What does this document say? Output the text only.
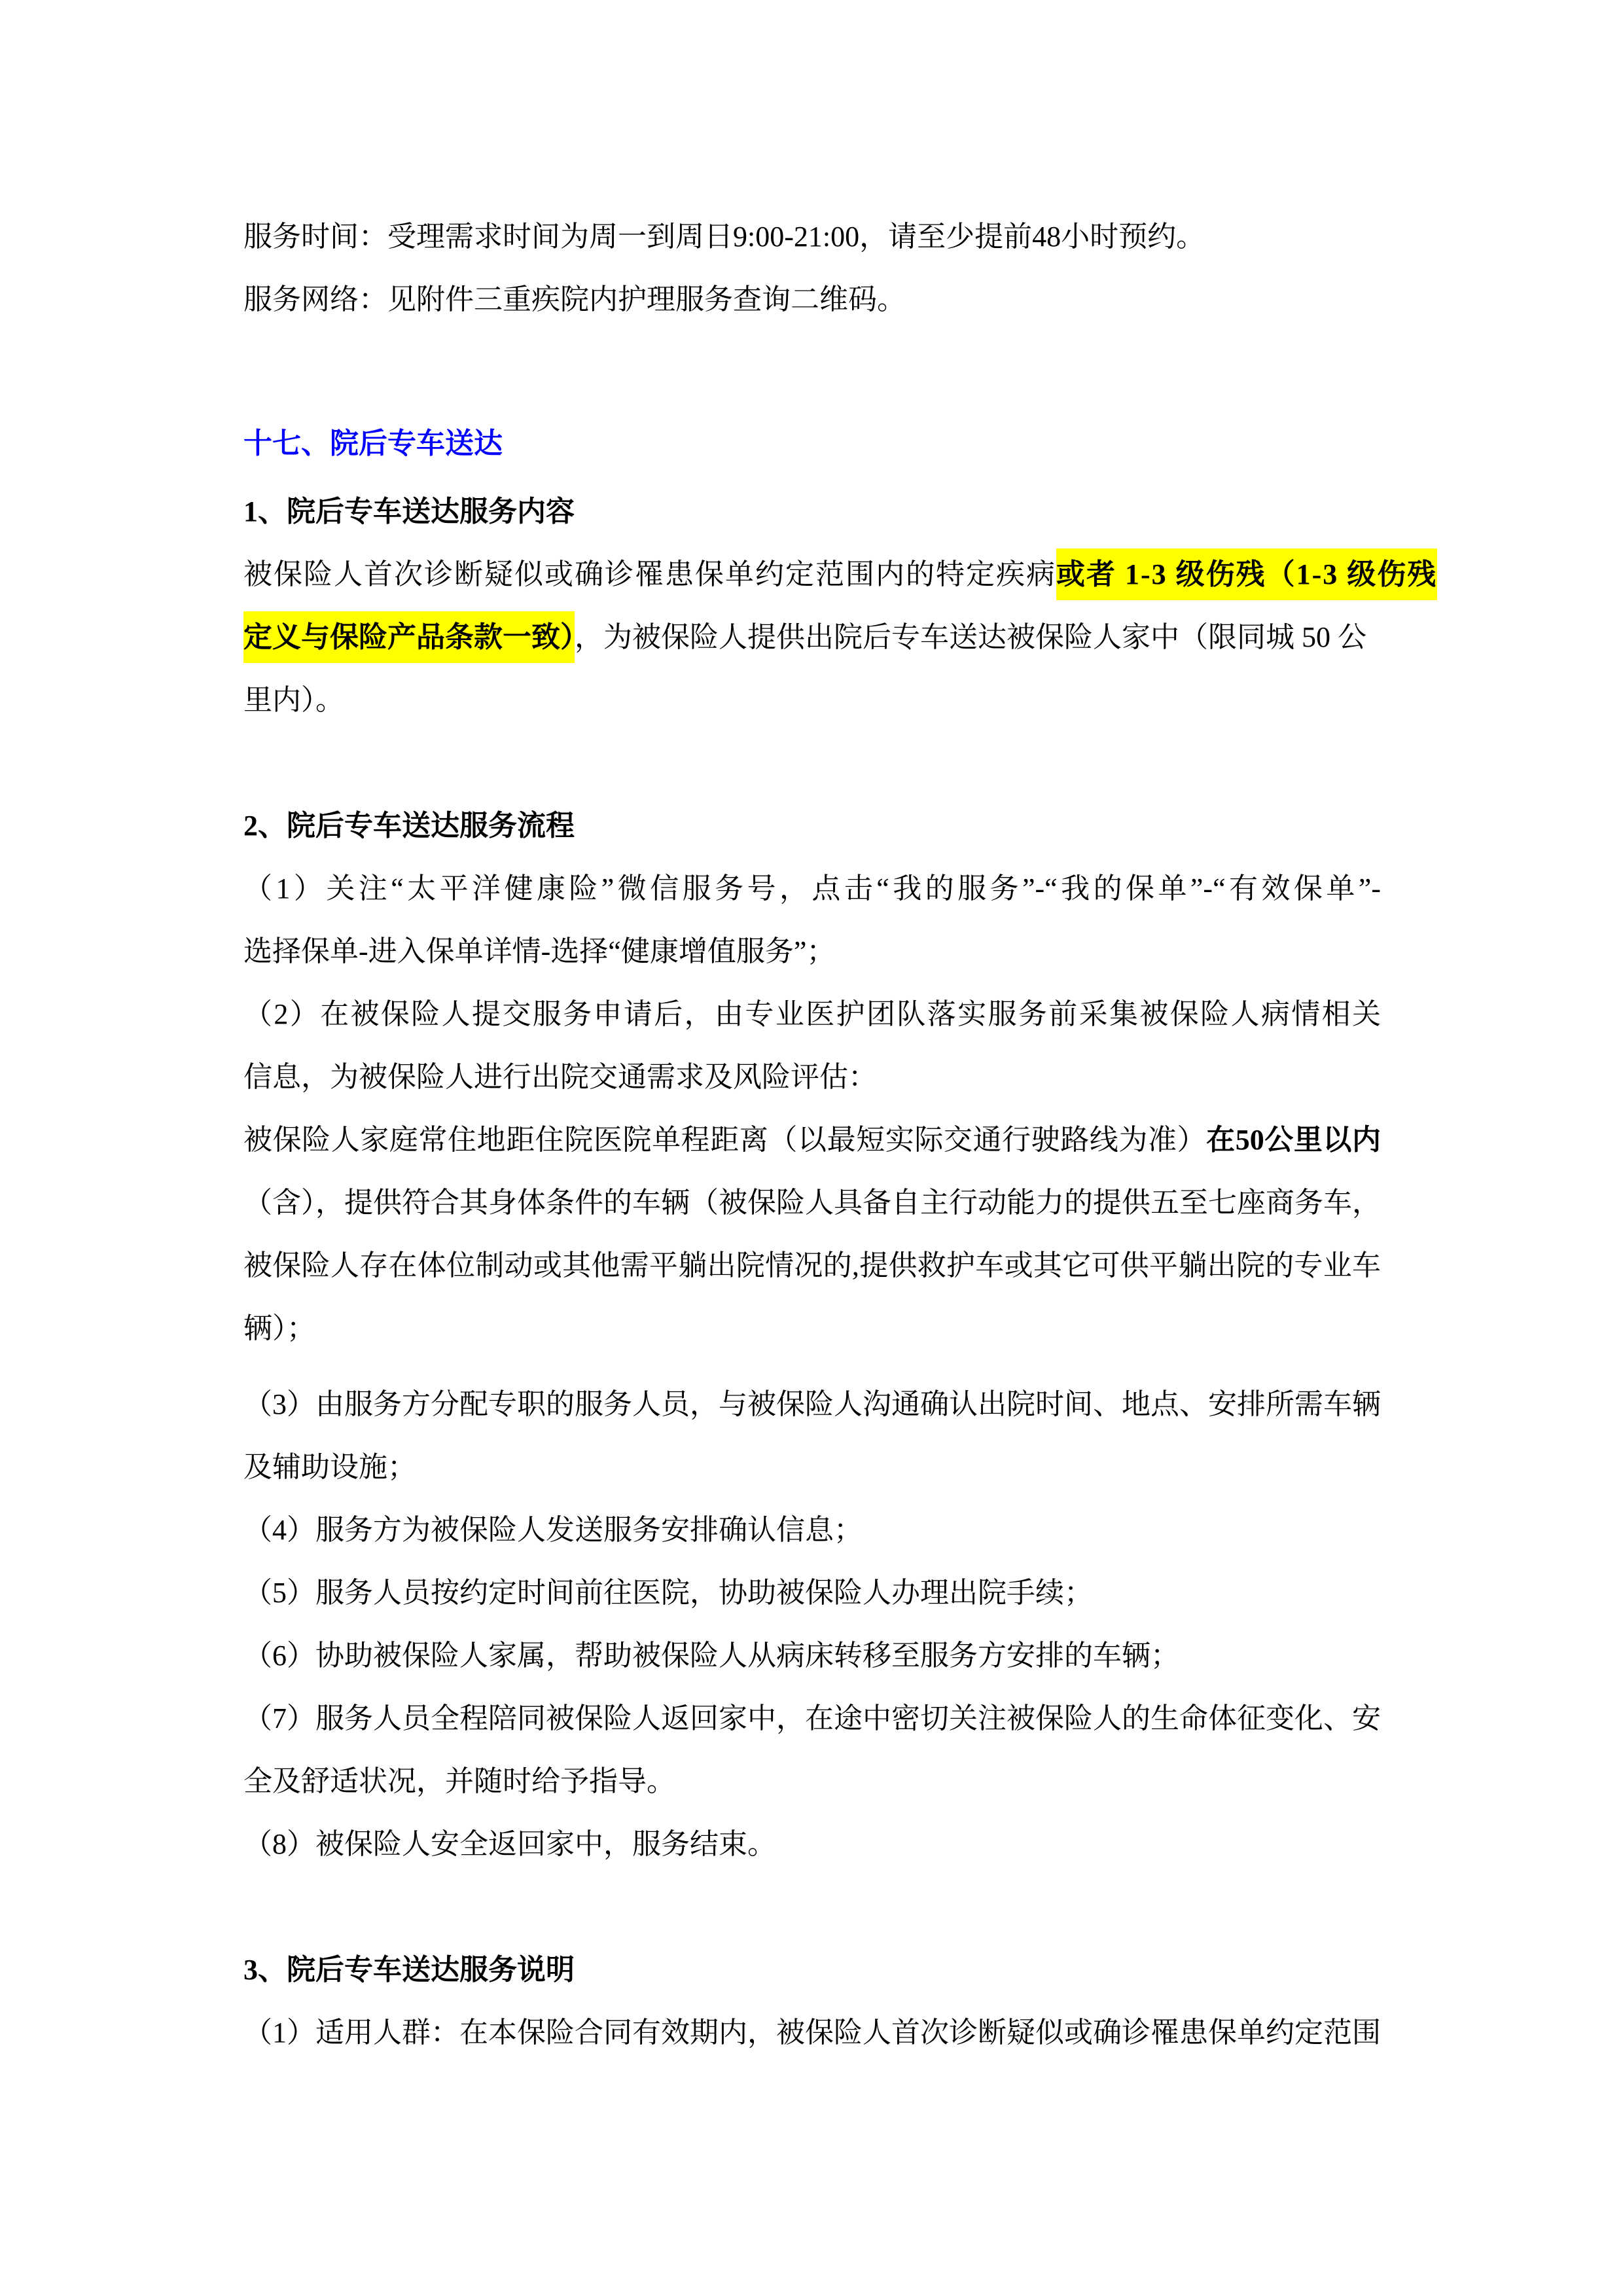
服务时间：受理需求时间为周一到周日9:00-21:00，请至少提前48小时预约。
服务网络：见附件三重疾院内护理服务查询二维码。
十七、院后专车送达
1、院后专车送达服务内容
被保险人首次诊断疑似或确诊罹患保单约定范围内的特定疾病或者 1-3 级伤残（1-3 级伤残
定义与保险产品条款一致），为被保险人提供出院后专车送达被保险人家中（限同城 50 公
里内）。
2、院后专车送达服务流程
（1）关注“太平洋健康险”微信服务号，点击“我的服务”-“我的保单”-“有效保单”-
选择保单-进入保单详情-选择“健康增值服务”；
（2）在被保险人提交服务申请后，由专业医护团队落实服务前采集被保险人病情相关
信息，为被保险人进行出院交通需求及风险评估：
被保险人家庭常住地距住院医院单程距离（以最短实际交通行驶路线为准）在50公里以内
（含），提供符合其身体条件的车辆（被保险人具备自主行动能力的提供五至七座商务车，
被保险人存在体位制动或其他需平躺出院情况的,提供救护车或其它可供平躺出院的专业车
辆）；
（3）由服务方分配专职的服务人员，与被保险人沟通确认出院时间、地点、安排所需车辆
及辅助设施；
（4）服务方为被保险人发送服务安排确认信息；
（5）服务人员按约定时间前往医院，协助被保险人办理出院手续；
（6）协助被保险人家属，帮助被保险人从病床转移至服务方安排的车辆；
（7）服务人员全程陪同被保险人返回家中，在途中密切关注被保险人的生命体征变化、安
全及舒适状况，并随时给予指导。
（8）被保险人安全返回家中，服务结束。
3、院后专车送达服务说明
（1）适用人群：在本保险合同有效期内，被保险人首次诊断疑似或确诊罹患保单约定范围
